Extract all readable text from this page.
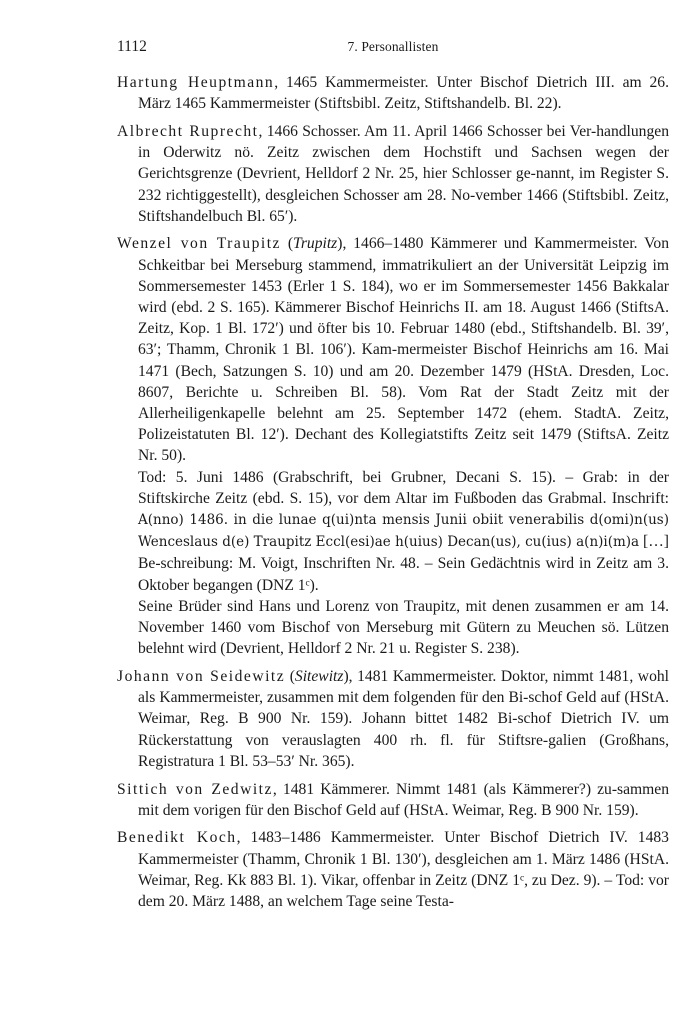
1112	7. Personallisten

Hartung Heuptmann, 1465 Kammermeister. Unter Bischof Dietrich III. am 26. März 1465 Kammermeister (Stiftsbibl. Zeitz, Stiftshandelb. Bl. 22).

Albrecht Ruprecht, 1466 Schosser. Am 11. April 1466 Schosser bei Ver-handlungen in Oderwitz nö. Zeitz zwischen dem Hochstift und Sachsen wegen der Gerichtsgrenze (Devrient, Helldorf 2 Nr. 25, hier Schlosser ge-nannt, im Register S. 232 richtiggestellt), desgleichen Schosser am 28. No-vember 1466 (Stiftsbibl. Zeitz, Stiftshandelbuch Bl. 65′).

Wenzel von Traupitz (Trupitz), 1466–1480 Kämmerer und Kammermeister. Von Schkeitbar bei Merseburg stammend, immatrikuliert an der Universität Leipzig im Sommersemester 1453 (Erler 1 S. 184), wo er im Sommersemester 1456 Bakkalar wird (ebd. 2 S. 165). Kämmerer Bischof Heinrichs II. am 18. August 1466 (StiftsA. Zeitz, Kop. 1 Bl. 172′) und öfter bis 10. Februar 1480 (ebd., Stiftshandelb. Bl. 39′, 63′; Thamm, Chronik 1 Bl. 106′). Kam-mermeister Bischof Heinrichs am 16. Mai 1471 (Bech, Satzungen S. 10) und am 20. Dezember 1479 (HStA. Dresden, Loc. 8607, Berichte u. Schreiben Bl. 58). Vom Rat der Stadt Zeitz mit der Allerheiligenkapelle belehnt am 25. September 1472 (ehem. StadtA. Zeitz, Polizeistatuten Bl. 12′). Dechant des Kollegiatstifts Zeitz seit 1479 (StiftsA. Zeitz Nr. 50).
Tod: 5. Juni 1486 (Grabschrift, bei Grubner, Decani S. 15). – Grab: in der Stiftskirche Zeitz (ebd. S. 15), vor dem Altar im Fußboden das Grabmal. Inschrift: A(nno) 1486. in die lunae q(ui)nta mensis Junii obiit venerabilis d(omi)n(us) Wenceslaus d(e) Traupitz Eccl(esi)ae h(uius) Decan(us), cu(ius) a(n)i(m)a […] Be-schreibung: M. Voigt, Inschriften Nr. 48. – Sein Gedächtnis wird in Zeitz am 3. Oktober begangen (DNZ 1ᶜ).
Seine Brüder sind Hans und Lorenz von Traupitz, mit denen zusammen er am 14. November 1460 vom Bischof von Merseburg mit Gütern zu Meuchen sö. Lützen belehnt wird (Devrient, Helldorf 2 Nr. 21 u. Register S. 238).

Johann von Seidewitz (Sitewitz), 1481 Kammermeister. Doktor, nimmt 1481, wohl als Kammermeister, zusammen mit dem folgenden für den Bi-schof Geld auf (HStA. Weimar, Reg. B 900 Nr. 159). Johann bittet 1482 Bi-schof Dietrich IV. um Rückerstattung von verauslagten 400 rh. fl. für Stiftsre-galien (Großhans, Registratura 1 Bl. 53–53′ Nr. 365).

Sittich von Zedwitz, 1481 Kämmerer. Nimmt 1481 (als Kämmerer?) zu-sammen mit dem vorigen für den Bischof Geld auf (HStA. Weimar, Reg. B 900 Nr. 159).

Benedikt Koch, 1483–1486 Kammermeister. Unter Bischof Dietrich IV. 1483 Kammermeister (Thamm, Chronik 1 Bl. 130′), desgleichen am 1. März 1486 (HStA. Weimar, Reg. Kk 883 Bl. 1). Vikar, offenbar in Zeitz (DNZ 1ᶜ, zu Dez. 9). – Tod: vor dem 20. März 1488, an welchem Tage seine Testa-
